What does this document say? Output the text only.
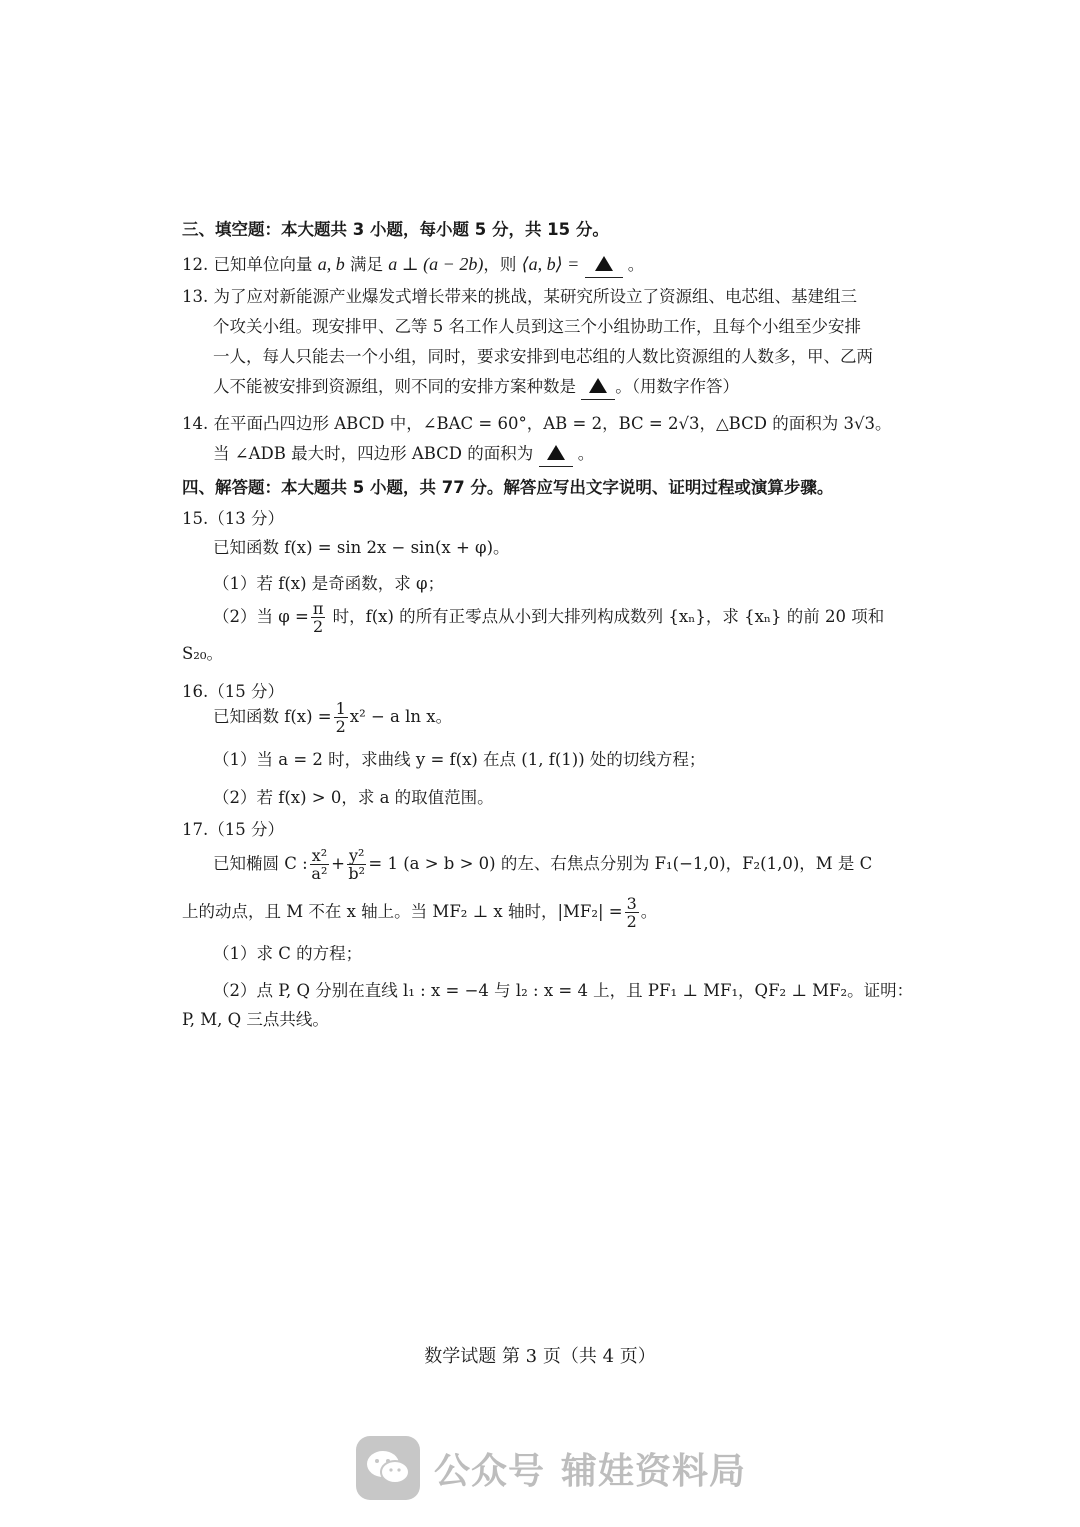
三、填空题：本大题共 3 小题，每小题 5 分，共 15 分。
12. 已知单位向量 a, b 满足 a ⊥ (a − 2b)，则 ⟨a, b⟩ =	。
13. 为了应对新能源产业爆发式增长带来的挑战，某研究所设立了资源组、电芯组、基建组三
个攻关小组。现安排甲、乙等 5 名工作人员到这三个小组协助工作，且每个小组至少安排
一人，每人只能去一个小组，同时，要求安排到电芯组的人数比资源组的人数多，甲、乙两
人不能被安排到资源组，则不同的安排方案种数是 。（用数字作答）
14. 在平面凸四边形 ABCD 中，∠BAC = 60°，AB = 2，BC = 2√3，△BCD 的面积为 3√3。
当 ∠ADB 最大时，四边形 ABCD 的面积为  。
四、解答题：本大题共 5 小题，共 77 分。解答应写出文字说明、证明过程或演算步骤。
15.（13 分）
已知函数 f(x) = sin 2x − sin(x + φ)。
（1）若 f(x) 是奇函数，求 φ；
（2）当 $\varphi = \frac{\pi}{2}$ 时，f(x) 的所有正零点从小到大排列构成数列 {xₙ}，求 {xₙ} 的前 20 项和
S₂₀。
16.（15 分）
已知函数 $f(x) = \frac{1}{2} x^2 - a$ ln x。
（1）当 a = 2 时，求曲线 y = f(x) 在点 (1, f(1)) 处的切线方程；
（2）若 f(x) > 0，求 a 的取值范围。
17.（15 分）
已知椭圆 C : $\frac{\text{x²}}{\text{a²}} + \frac{\text{y²}}{\text{b²}} = 1$ (a > b > 0) 的左、右焦点分别为 F₁(−1,0)，F₂(1,0)，M 是 C
上的动点，且 M 不在 x 轴上。当 MF₂ ⊥ x 轴时，$|MF_2| = \frac{3}{2}$ 。
（1）求 C 的方程；
（2）点 P, Q 分别在直线 l₁ : x = −4 与 l₂ : x = 4 上，且 PF₁ ⊥ MF₁，QF₂ ⊥ MF₂。证明：
P, M, Q 三点共线。
数学试题 第 3 页（共 4 页）
公众号 辅娃资料局
